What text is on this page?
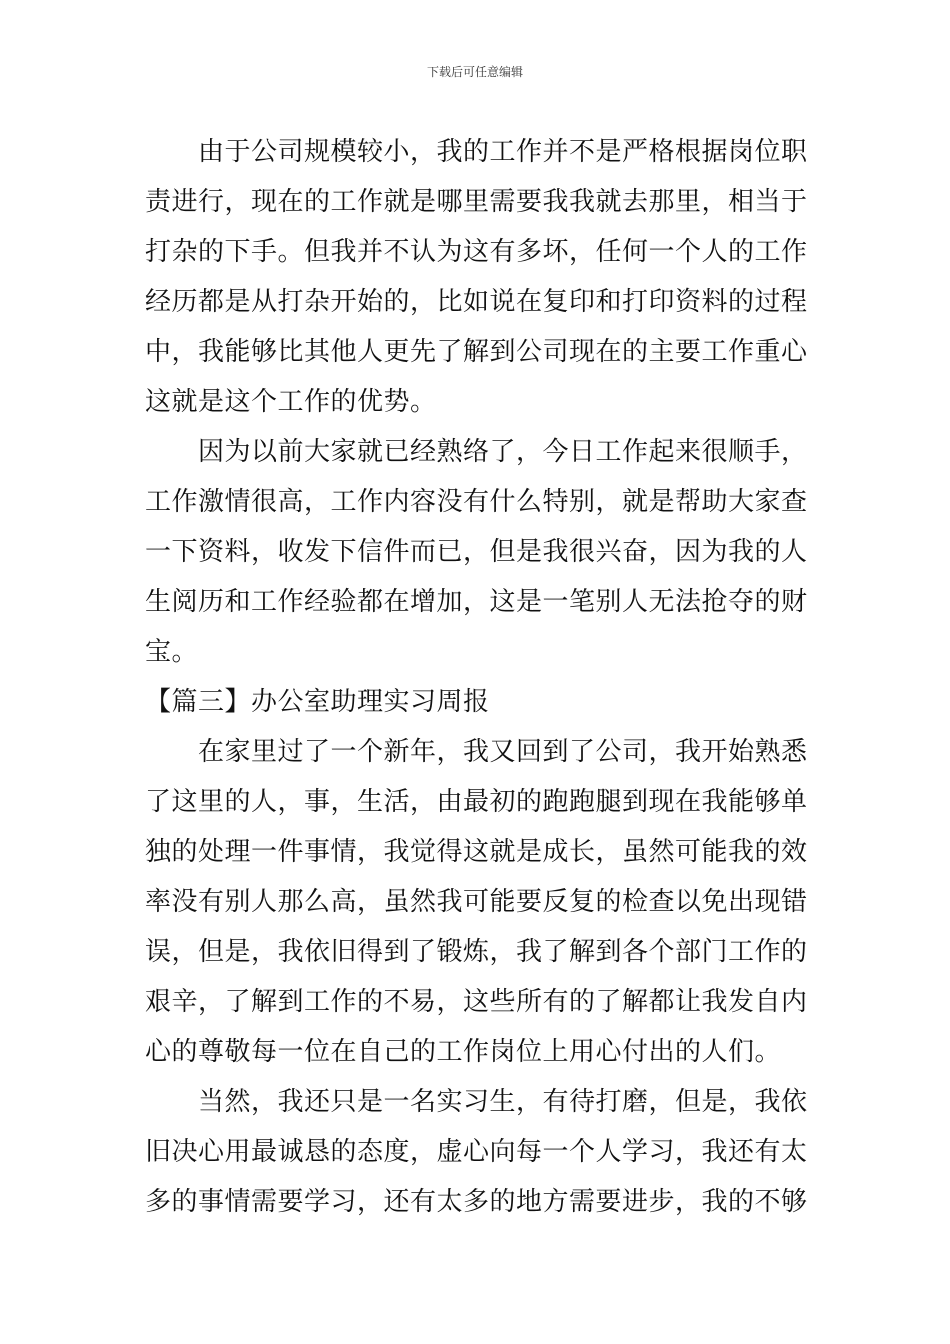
下载后可任意编辑
由于公司规模较小，我的工作并不是严格根据岗位职
责进行，现在的工作就是哪里需要我我就去那里，相当于
打杂的下手。但我并不认为这有多坏，任何一个人的工作
经历都是从打杂开始的，比如说在复印和打印资料的过程
中，我能够比其他人更先了解到公司现在的主要工作重心
这就是这个工作的优势。
因为以前大家就已经熟络了，今日工作起来很顺手，
工作激情很高，工作内容没有什么特别，就是帮助大家查
一下资料，收发下信件而已，但是我很兴奋，因为我的人
生阅历和工作经验都在增加，这是一笔别人无法抢夺的财
宝。
【篇三】办公室助理实习周报
在家里过了一个新年，我又回到了公司，我开始熟悉
了这里的人，事，生活，由最初的跑跑腿到现在我能够单
独的处理一件事情，我觉得这就是成长，虽然可能我的效
率没有别人那么高，虽然我可能要反复的检查以免出现错
误，但是，我依旧得到了锻炼，我了解到各个部门工作的
艰辛，了解到工作的不易，这些所有的了解都让我发自内
心的尊敬每一位在自己的工作岗位上用心付出的人们。
当然，我还只是一名实习生，有待打磨，但是，我依
旧决心用最诚恳的态度，虚心向每一个人学习，我还有太
多的事情需要学习，还有太多的地方需要进步，我的不够
